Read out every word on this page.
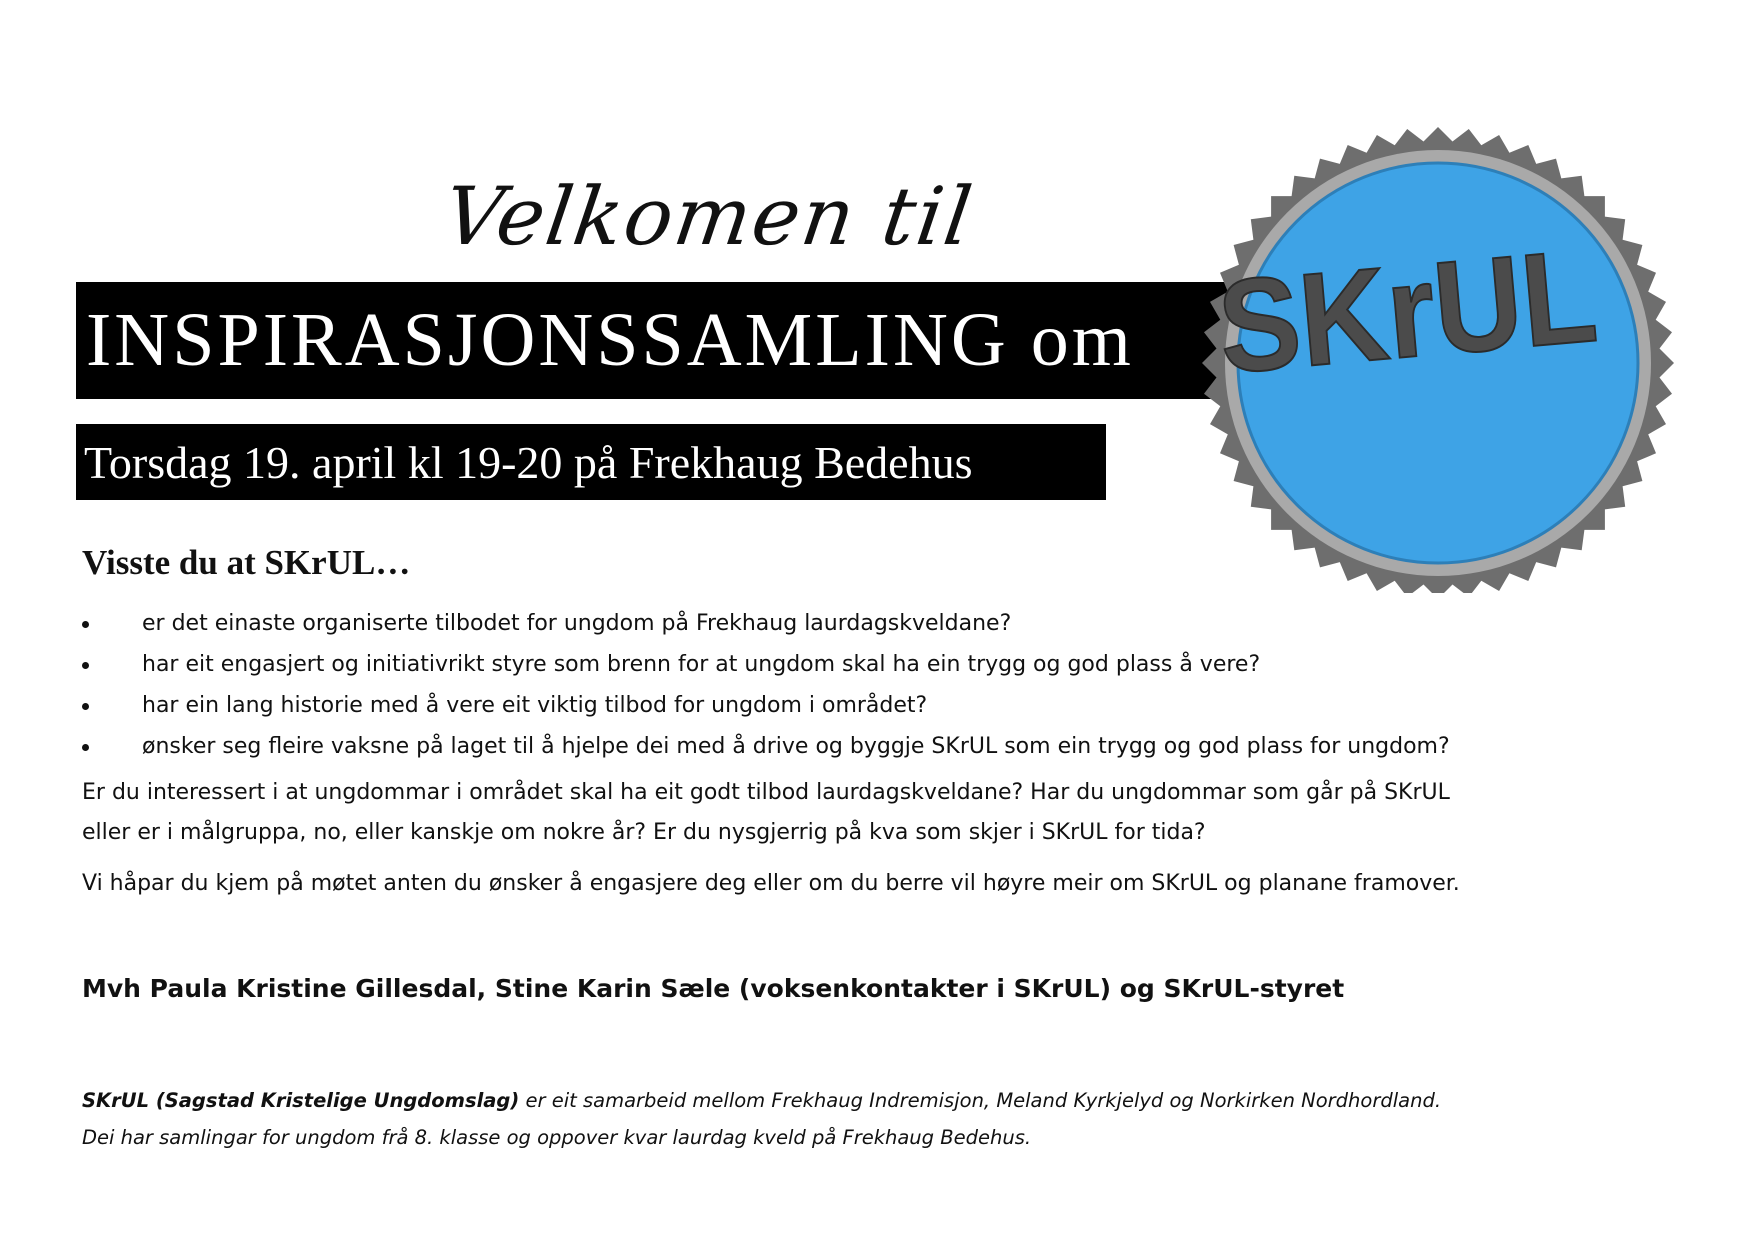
Velkomen til
INSPIRASJONSSAMLING om
Torsdag 19. april kl 19-20 på Frekhaug Bedehus
SKrUL
Visste du at SKrUL…
er det einaste organiserte tilbodet for ungdom på Frekhaug laurdagskveldane?
har eit engasjert og initiativrikt styre som brenn for at ungdom skal ha ein trygg og god plass å vere?
har ein lang historie med å vere eit viktig tilbod for ungdom i området?
ønsker seg fleire vaksne på laget til å hjelpe dei med å drive og byggje SKrUL som ein trygg og god plass for ungdom?
Er du interessert i at ungdommar i området skal ha eit godt tilbod laurdagskveldane? Har du ungdommar som går på SKrUL
eller er i målgruppa, no, eller kanskje om nokre år? Er du nysgjerrig på kva som skjer i SKrUL for tida?
Vi håpar du kjem på møtet anten du ønsker å engasjere deg eller om du berre vil høyre meir om SKrUL og planane framover.
Mvh Paula Kristine Gillesdal, Stine Karin Sæle (voksenkontakter i SKrUL) og SKrUL-styret
SKrUL (Sagstad Kristelige Ungdomslag) er eit samarbeid mellom Frekhaug Indremisjon, Meland Kyrkjelyd og Norkirken Nordhordland.
Dei har samlingar for ungdom frå 8. klasse og oppover kvar laurdag kveld på Frekhaug Bedehus.
